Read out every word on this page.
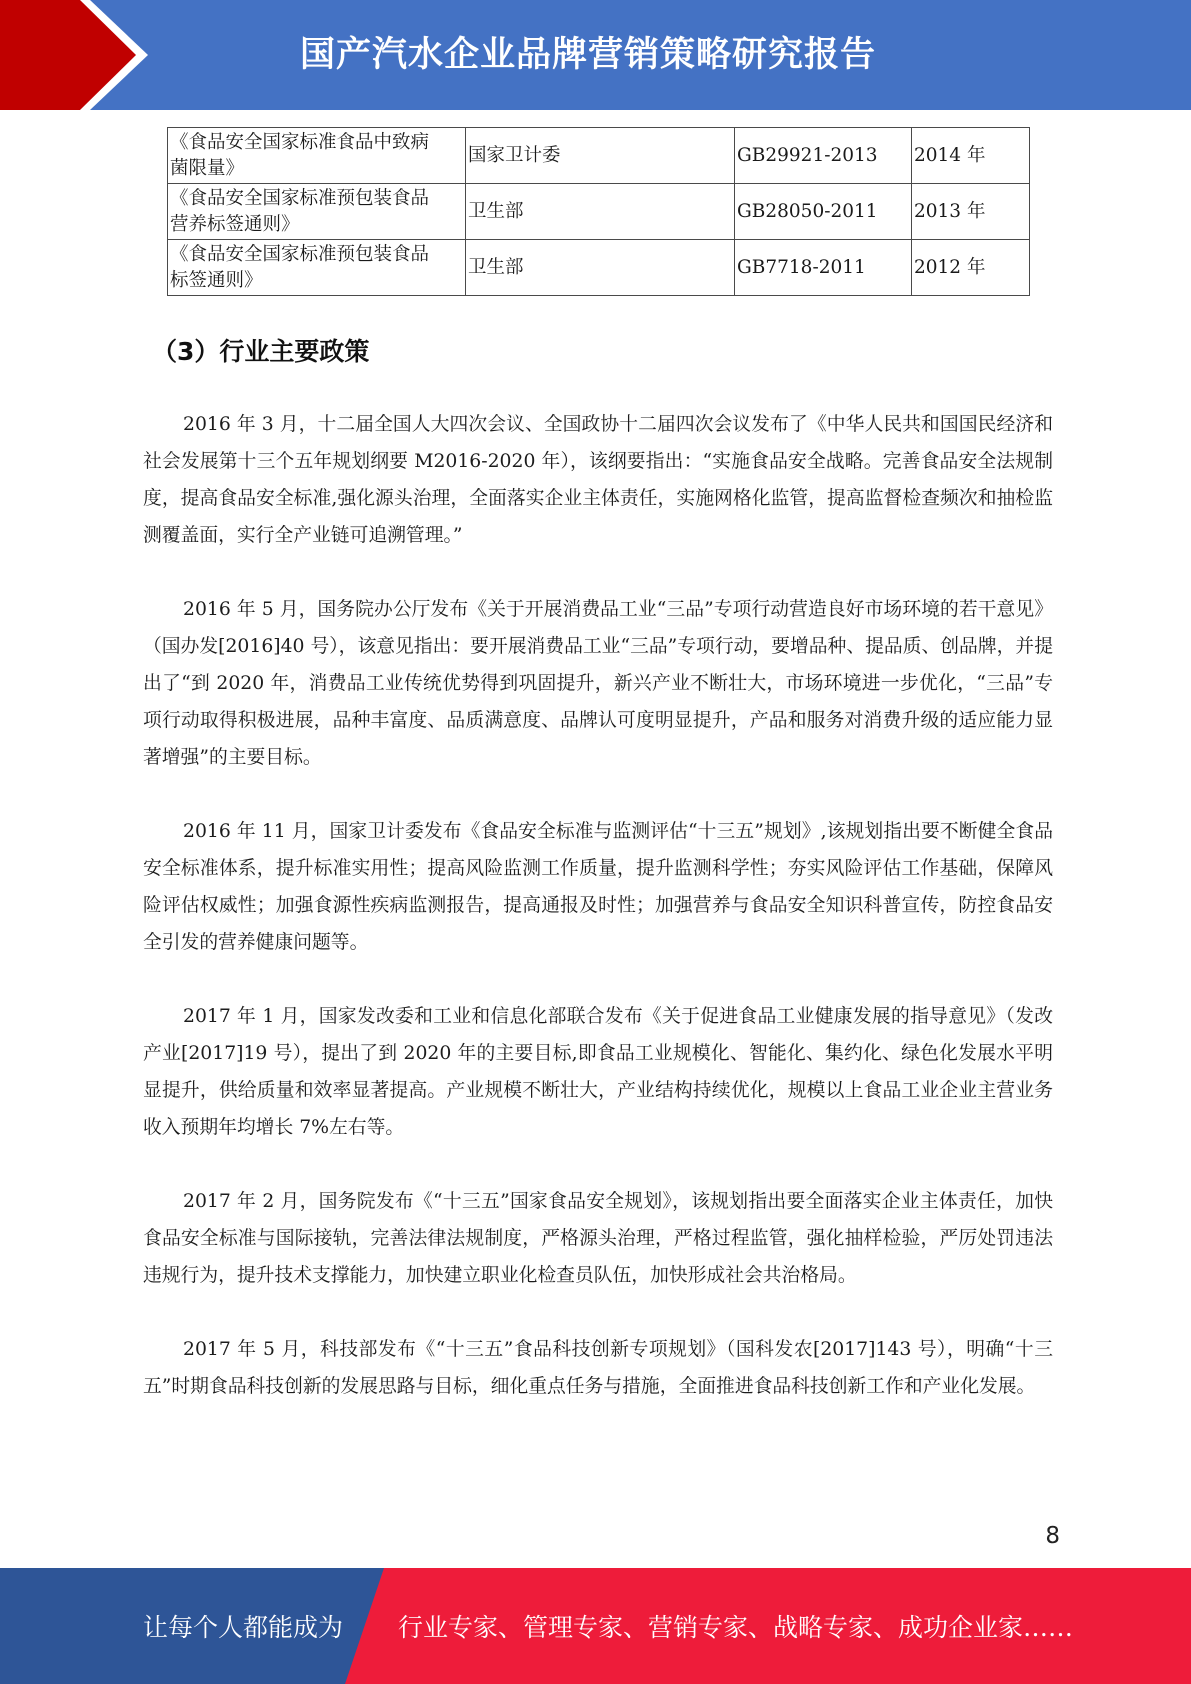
国产汽水企业品牌营销策略研究报告
《食品安全国家标准食品中致病
菌限量》	国家卫计委	GB29921-2013	2014 年
《食品安全国家标准预包装食品
营养标签通则》	卫生部	GB28050-2011	2013 年
《食品安全国家标准预包装食品
标签通则》	卫生部	GB7718-2011	2012 年
（3）行业主要政策

2016 年 3 月，十二届全国人大四次会议、全国政协十二届四次会议发布了《中华人民共和国国民经济和社会发展第十三个五年规划纲要 M2016-2020 年），该纲要指出：“实施食品安全战略。完善食品安全法规制度，提高食品安全标准,强化源头治理，全面落实企业主体责任，实施网格化监管，提高监督检查频次和抽检监测覆盖面，实行全产业链可追溯管理。”

2016 年 5 月，国务院办公厅发布《关于开展消费品工业“三品”专项行动营造良好市场环境的若干意见》（国办发[2016]40 号），该意见指出：要开展消费品工业“三品”专项行动，要增品种、提品质、创品牌，并提出了“到 2020 年，消费品工业传统优势得到巩固提升，新兴产业不断壮大，市场环境进一步优化，“三品”专项行动取得积极进展，品种丰富度、品质满意度、品牌认可度明显提升，产品和服务对消费升级的适应能力显著增强”的主要目标。

2016 年 11 月，国家卫计委发布《食品安全标准与监测评估“十三五”规划》,该规划指出要不断健全食品安全标准体系，提升标准实用性；提高风险监测工作质量，提升监测科学性；夯实风险评估工作基础，保障风险评估权威性；加强食源性疾病监测报告，提高通报及时性；加强营养与食品安全知识科普宣传，防控食品安全引发的营养健康问题等。

2017 年 1 月，国家发改委和工业和信息化部联合发布《关于促进食品工业健康发展的指导意见》（发改产业[2017]19 号），提出了到 2020 年的主要目标,即食品工业规模化、智能化、集约化、绿色化发展水平明显提升，供给质量和效率显著提高。产业规模不断壮大，产业结构持续优化，规模以上食品工业企业主营业务收入预期年均增长 7%左右等。

2017 年 2 月，国务院发布《“十三五”国家食品安全规划》，该规划指出要全面落实企业主体责任，加快食品安全标准与国际接轨，完善法律法规制度，严格源头治理，严格过程监管，强化抽样检验，严厉处罚违法违规行为，提升技术支撑能力，加快建立职业化检查员队伍，加快形成社会共治格局。

2017 年 5 月，科技部发布《“十三五”食品科技创新专项规划》（国科发农[2017]143 号），明确“十三五”时期食品科技创新的发展思路与目标，细化重点任务与措施，全面推进食品科技创新工作和产业化发展。

8
让每个人都能成为 行业专家、管理专家、营销专家、战略专家、成功企业家……
